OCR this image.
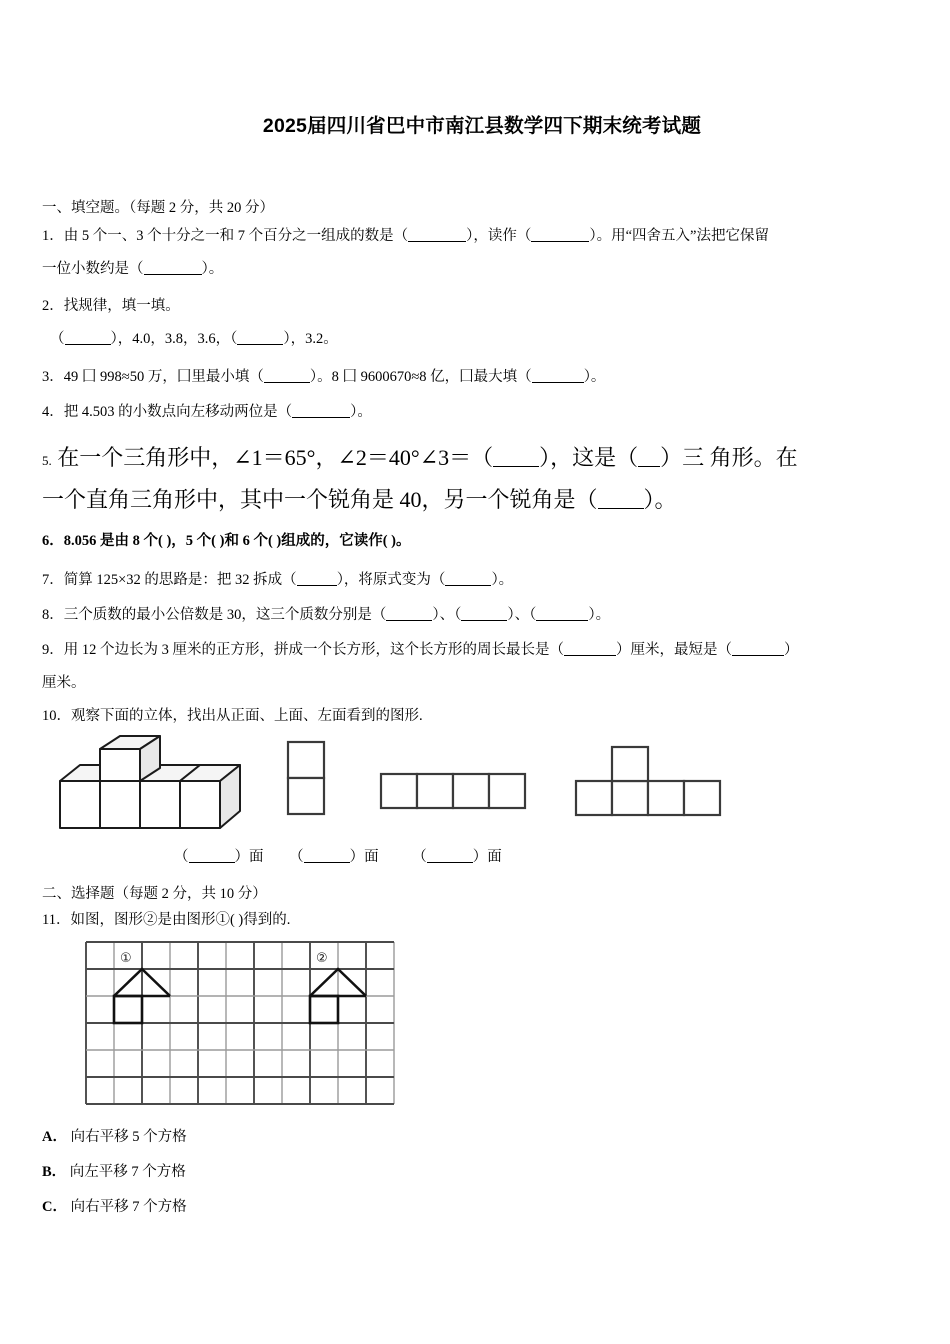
2025届四川省巴中市南江县数学四下期末统考试题
一、填空题。（每题 2 分，共 20 分）
1．由 5 个一、3 个十分之一和 7 个百分之一组成的数是（	），读作（	）。用“四舍五入”法把它保留
一位小数约是（	）。
2．找规律，填一填。
（	），4.0，3.8，3.6，（	），3.2。
3．49 囗 998≈50 万，囗里最小填（	）。8 囗 9600670≈8 亿，囗最大填（	）。
4．把 4.503 的小数点向左移动两位是（	）。
5. 在一个三角形中，∠1＝65°，∠2＝40°∠3＝（ ），这是（ ）三 角形。在
一个直角三角形中，其中一个锐角是 40，另一个锐角是（ ）。
6．8.056 是由 8 个( )，5 个( )和 6 个( )组成的，它读作( )。
7．简算 125×32 的思路是：把 32 拆成（	），将原式变为（	）。
8．三个质数的最小公倍数是 30，这三个质数分别是（	）、（	）、（	）。
9．用 12 个边长为 3 厘米的正方形，拼成一个长方形，这个长方形的周长最长是（	）厘米，最短是（	）
厘米。
10．观察下面的立体，找出从正面、上面、左面看到的图形.
（	）面 （	）面 （	）面
二、选择题（每题 2 分，共 10 分）
11．如图，图形②是由图形①( )得到的.
①	②
A． 向右平移 5 个方格
B． 向左平移 7 个方格
C． 向右平移 7 个方格
